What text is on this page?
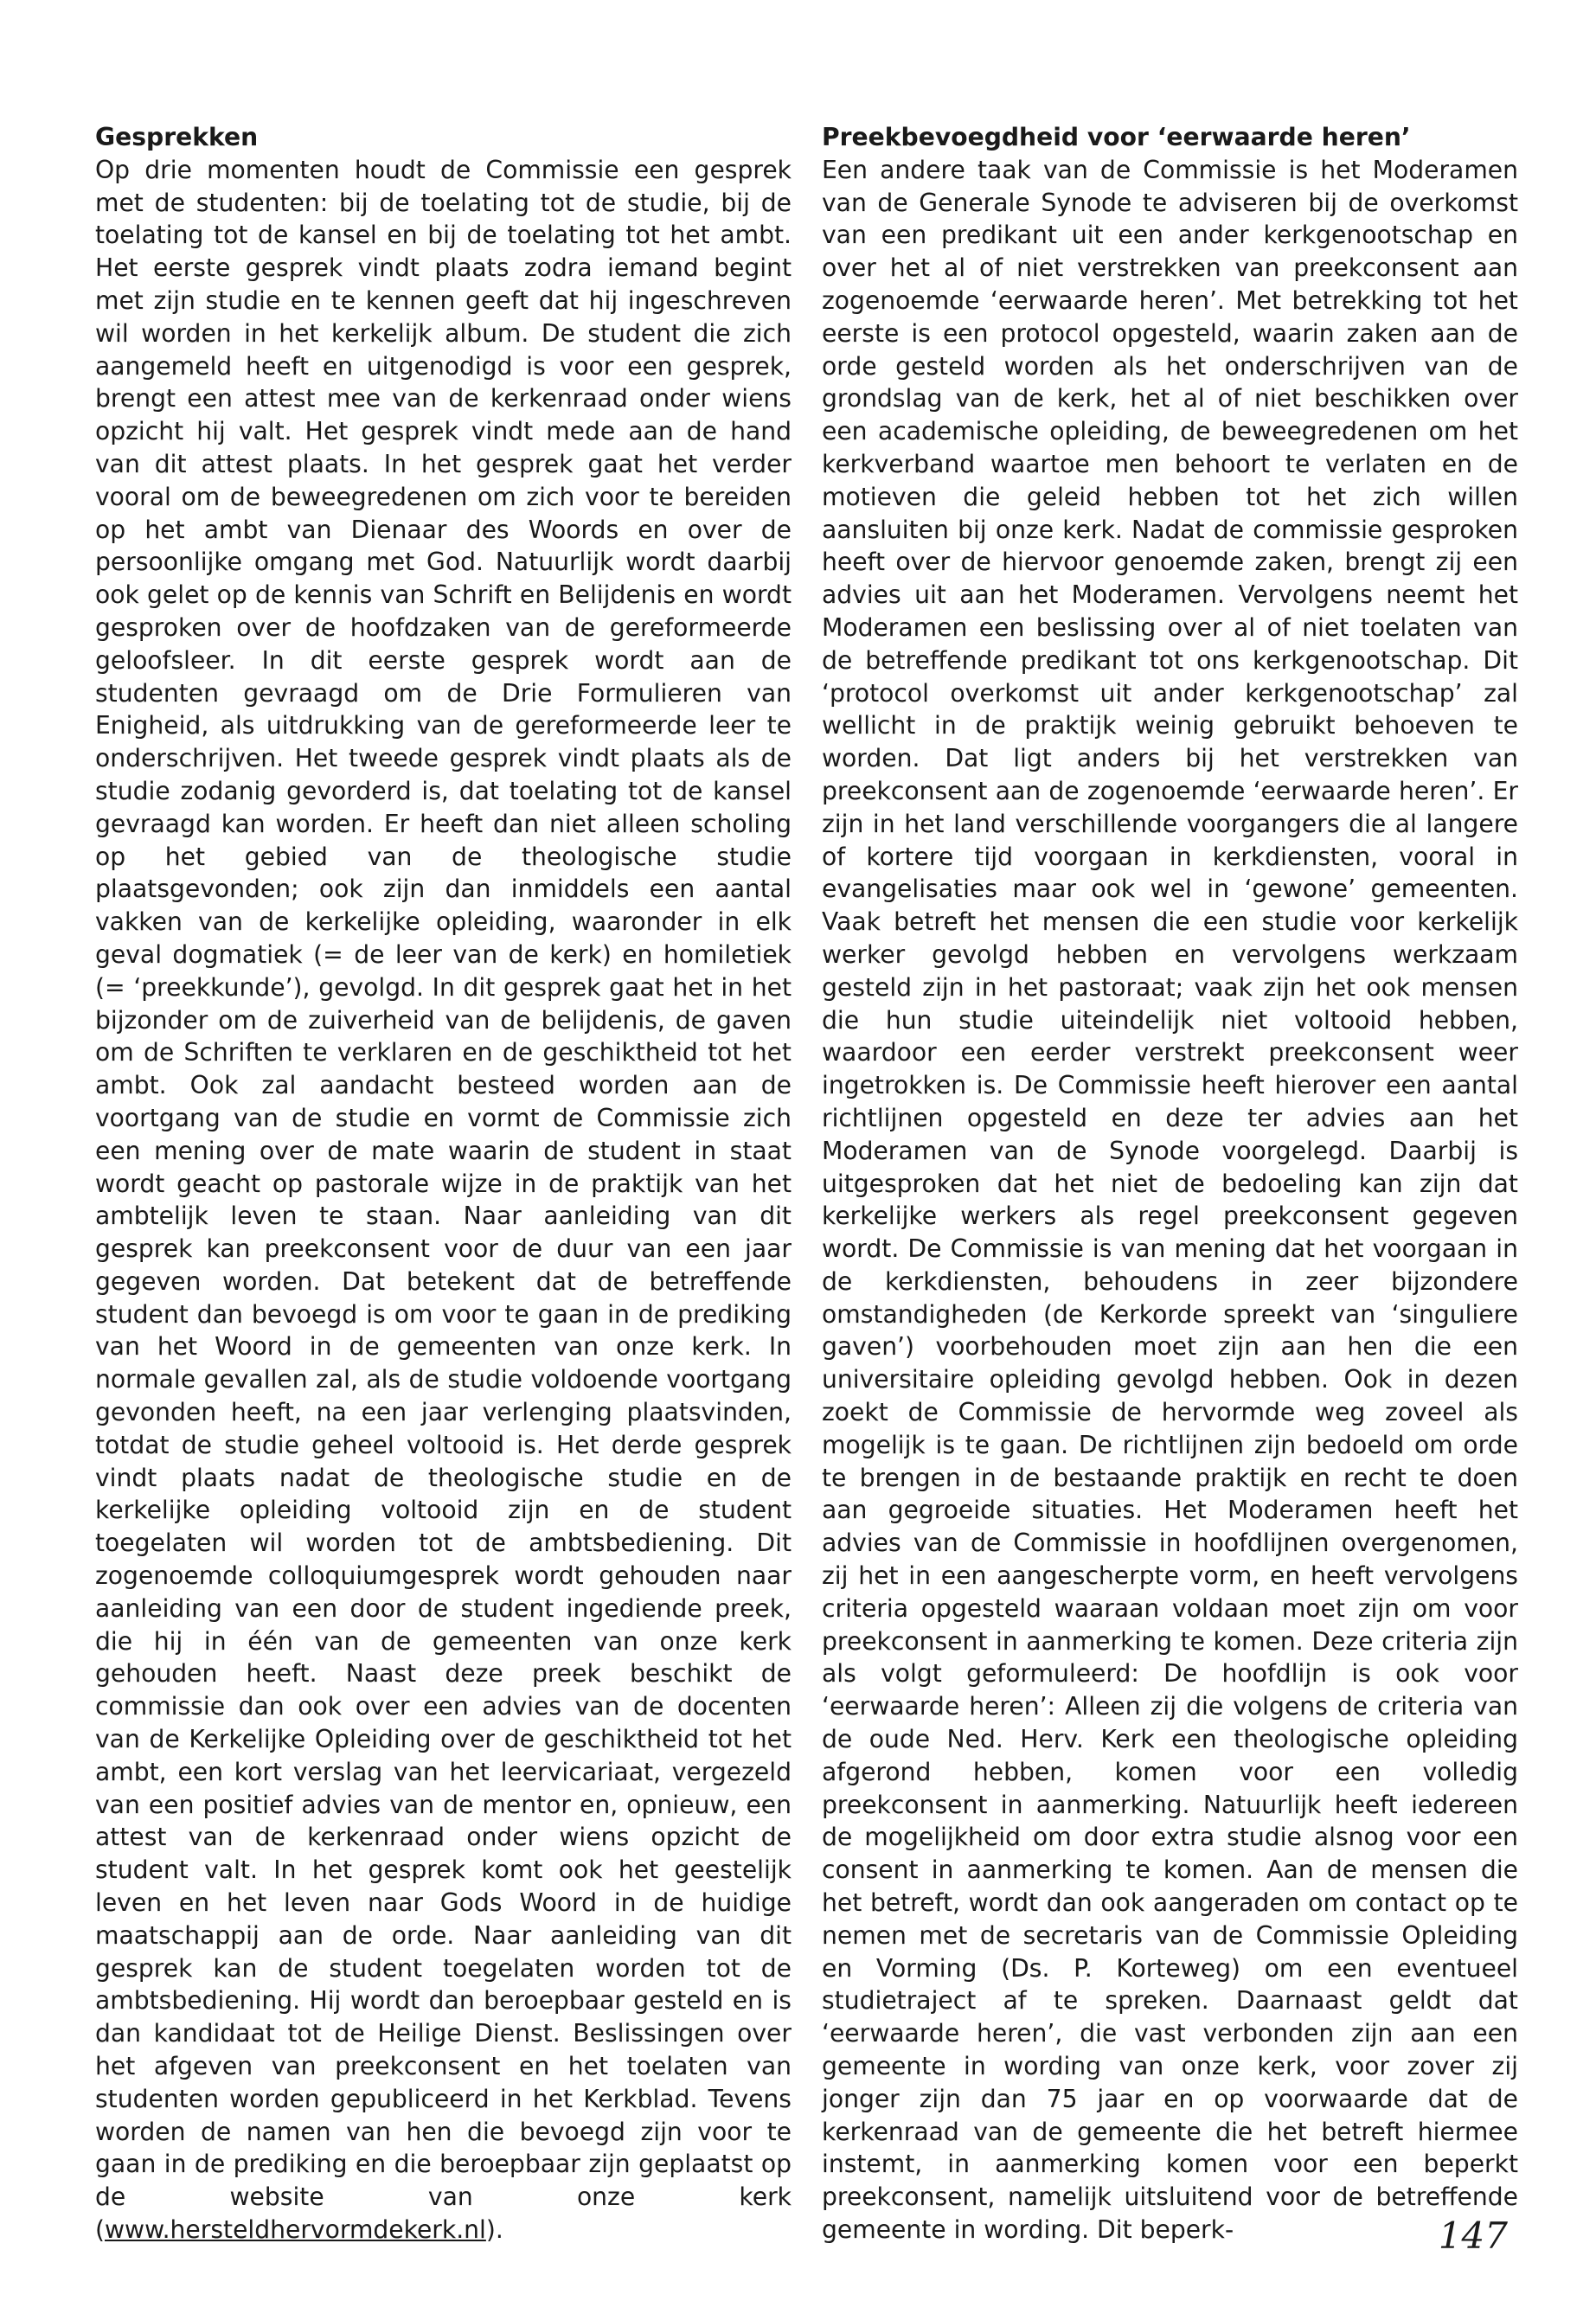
Gesprekken

Op drie momenten houdt de Commissie een gesprek met de studenten: bij de toelating tot de studie, bij de toelating tot de kansel en bij de toelating tot het ambt. Het eerste gesprek vindt plaats zodra iemand begint met zijn studie en te kennen geeft dat hij ingeschreven wil worden in het kerkelijk album. De student die zich aangemeld heeft en uitgenodigd is voor een gesprek, brengt een attest mee van de kerkenraad onder wiens opzicht hij valt. Het gesprek vindt mede aan de hand van dit attest plaats. In het gesprek gaat het verder vooral om de beweegredenen om zich voor te bereiden op het ambt van Dienaar des Woords en over de persoonlijke omgang met God. Natuurlijk wordt daarbij ook gelet op de kennis van Schrift en Belijdenis en wordt gesproken over de hoofdzaken van de gereformeerde geloofsleer. In dit eerste gesprek wordt aan de studenten gevraagd om de Drie Formulieren van Enigheid, als uitdrukking van de gereformeerde leer te onderschrijven. Het tweede gesprek vindt plaats als de studie zodanig gevorderd is, dat toelating tot de kansel gevraagd kan worden. Er heeft dan niet alleen scholing op het gebied van de theologische studie plaatsgevonden; ook zijn dan inmiddels een aantal vakken van de kerkelijke opleiding, waaronder in elk geval dogmatiek (= de leer van de kerk) en homiletiek (= ‘preekkunde’), gevolgd. In dit gesprek gaat het in het bijzonder om de zuiverheid van de belijdenis, de gaven om de Schriften te verklaren en de geschiktheid tot het ambt. Ook zal aandacht besteed worden aan de voortgang van de studie en vormt de Commissie zich een mening over de mate waarin de student in staat wordt geacht op pastorale wijze in de praktijk van het ambtelijk leven te staan. Naar aanleiding van dit gesprek kan preekconsent voor de duur van een jaar gegeven worden. Dat betekent dat de betreffende student dan bevoegd is om voor te gaan in de prediking van het Woord in de gemeenten van onze kerk. In normale gevallen zal, als de studie voldoende voortgang gevonden heeft, na een jaar verlenging plaatsvinden, totdat de studie geheel voltooid is. Het derde gesprek vindt plaats nadat de theologische studie en de kerkelijke opleiding voltooid zijn en de student toegelaten wil worden tot de ambtsbediening. Dit zogenoemde colloquiumgesprek wordt gehouden naar aanleiding van een door de student ingediende preek, die hij in één van de gemeenten van onze kerk gehouden heeft. Naast deze preek beschikt de commissie dan ook over een advies van de docenten van de Kerkelijke Opleiding over de geschiktheid tot het ambt, een kort verslag van het leervicariaat, vergezeld van een positief advies van de mentor en, opnieuw, een attest van de kerkenraad onder wiens opzicht de student valt. In het gesprek komt ook het geestelijk leven en het leven naar Gods Woord in de huidige maatschappij aan de orde. Naar aanleiding van dit gesprek kan de student toegelaten worden tot de ambtsbediening. Hij wordt dan beroepbaar gesteld en is dan kandidaat tot de Heilige Dienst. Beslissingen over het afgeven van preekconsent en het toelaten van studenten worden gepubliceerd in het Kerkblad. Tevens worden de namen van hen die bevoegd zijn voor te gaan in de prediking en die beroepbaar zijn geplaatst op de website van onze kerk (www.hersteldhervormdekerk.nl).

Preekbevoegdheid voor ‘eerwaarde heren’

Een andere taak van de Commissie is het Moderamen van de Generale Synode te adviseren bij de overkomst van een predikant uit een ander kerkgenootschap en over het al of niet verstrekken van preekconsent aan zogenoemde ‘eerwaarde heren’. Met betrekking tot het eerste is een protocol opgesteld, waarin zaken aan de orde gesteld worden als het onderschrijven van de grondslag van de kerk, het al of niet beschikken over een academische opleiding, de beweegredenen om het kerkverband waartoe men behoort te verlaten en de motieven die geleid hebben tot het zich willen aansluiten bij onze kerk. Nadat de commissie gesproken heeft over de hiervoor genoemde zaken, brengt zij een advies uit aan het Moderamen. Vervolgens neemt het Moderamen een beslissing over al of niet toelaten van de betreffende predikant tot ons kerkgenootschap. Dit ‘protocol overkomst uit ander kerkgenootschap’ zal wellicht in de praktijk weinig gebruikt behoeven te worden. Dat ligt anders bij het verstrekken van preekconsent aan de zogenoemde ‘eerwaarde heren’. Er zijn in het land verschillende voorgangers die al langere of kortere tijd voorgaan in kerkdiensten, vooral in evangelisaties maar ook wel in ‘gewone’ gemeenten. Vaak betreft het mensen die een studie voor kerkelijk werker gevolgd hebben en vervolgens werkzaam gesteld zijn in het pastoraat; vaak zijn het ook mensen die hun studie uiteindelijk niet voltooid hebben, waardoor een eerder verstrekt preekconsent weer ingetrokken is. De Commissie heeft hierover een aantal richtlijnen opgesteld en deze ter advies aan het Moderamen van de Synode voorgelegd. Daarbij is uitgesproken dat het niet de bedoeling kan zijn dat kerkelijke werkers als regel preekconsent gegeven wordt. De Commissie is van mening dat het voorgaan in de kerkdiensten, behoudens in zeer bijzondere omstandigheden (de Kerkorde spreekt van ‘singuliere gaven’) voorbehouden moet zijn aan hen die een universitaire opleiding gevolgd hebben. Ook in dezen zoekt de Commissie de hervormde weg zoveel als mogelijk is te gaan. De richtlijnen zijn bedoeld om orde te brengen in de bestaande praktijk en recht te doen aan gegroeide situaties. Het Moderamen heeft het advies van de Commissie in hoofdlijnen overgenomen, zij het in een aangescherpte vorm, en heeft vervolgens criteria opgesteld waaraan voldaan moet zijn om voor preekconsent in aanmerking te komen. Deze criteria zijn als volgt geformuleerd: De hoofdlijn is ook voor ‘eerwaarde heren’: Alleen zij die volgens de criteria van de oude Ned. Herv. Kerk een theologische opleiding afgerond hebben, komen voor een volledig preekconsent in aanmerking. Natuurlijk heeft iedereen de mogelijkheid om door extra studie alsnog voor een consent in aanmerking te komen. Aan de mensen die het betreft, wordt dan ook aangeraden om contact op te nemen met de secretaris van de Commissie Opleiding en Vorming (Ds. P. Korteweg) om een eventueel studietraject af te spreken. Daarnaast geldt dat ‘eerwaarde heren’, die vast verbonden zijn aan een gemeente in wording van onze kerk, voor zover zij jonger zijn dan 75 jaar en op voorwaarde dat de kerkenraad van de gemeente die het betreft hiermee instemt, in aanmerking komen voor een beperkt preekconsent, namelijk uitsluitend voor de betreffende gemeente in wording. Dit beperk-	147
